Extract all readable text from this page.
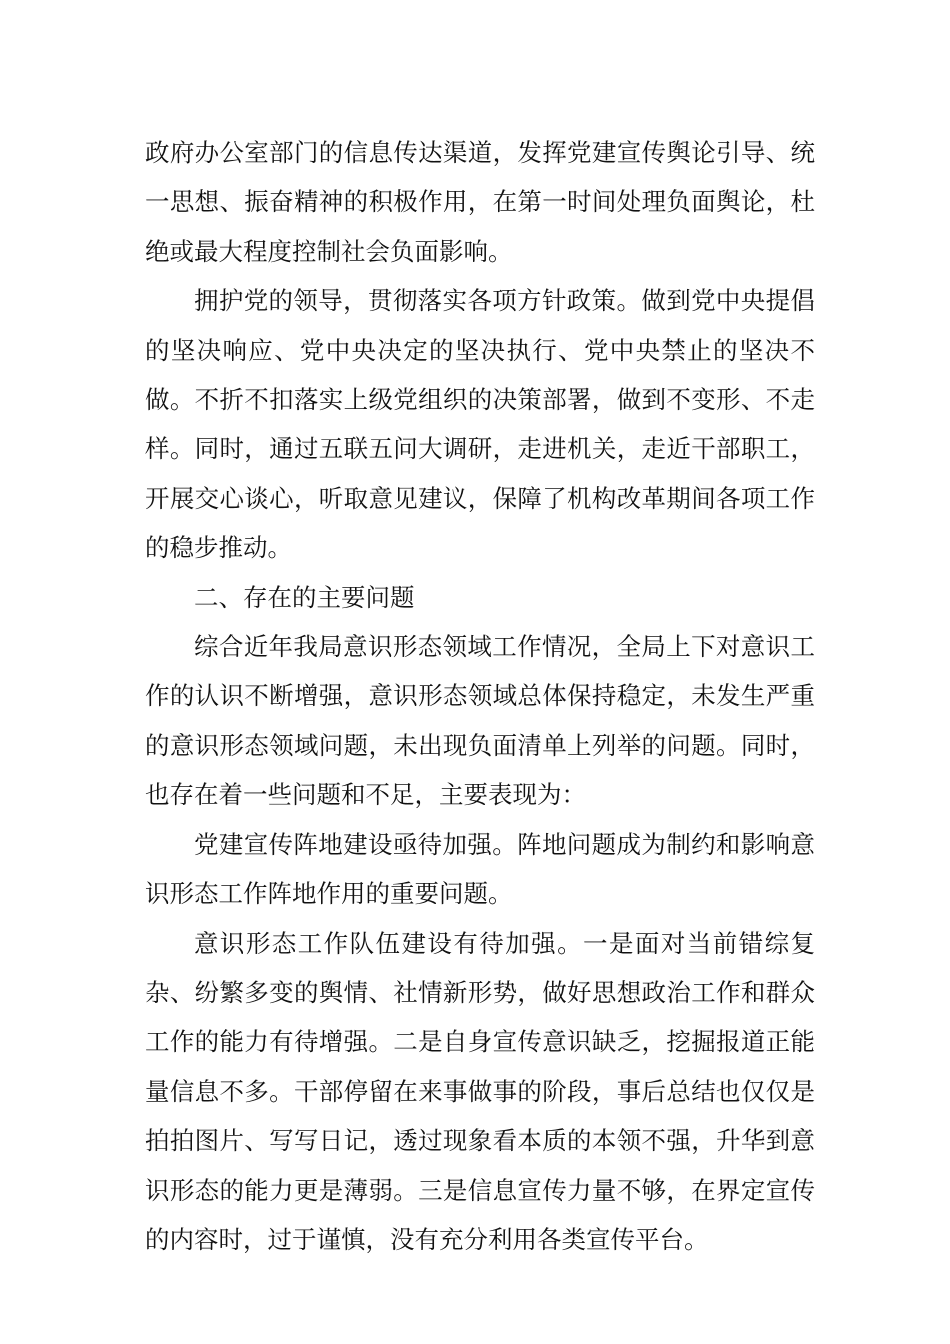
政府办公室部门的信息传达渠道，发挥党建宣传舆论引导、统一思想、振奋精神的积极作用，在第一时间处理负面舆论，杜绝或最大程度控制社会负面影响。

拥护党的领导，贯彻落实各项方针政策。做到党中央提倡的坚决响应、党中央决定的坚决执行、党中央禁止的坚决不做。不折不扣落实上级党组织的决策部署，做到不变形、不走样。同时，通过五联五问大调研，走进机关，走近干部职工，开展交心谈心，听取意见建议，保障了机构改革期间各项工作的稳步推动。

二、存在的主要问题

综合近年我局意识形态领域工作情况，全局上下对意识工作的认识不断增强，意识形态领域总体保持稳定，未发生严重的意识形态领域问题，未出现负面清单上列举的问题。同时，也存在着一些问题和不足，主要表现为：

党建宣传阵地建设亟待加强。阵地问题成为制约和影响意识形态工作阵地作用的重要问题。

意识形态工作队伍建设有待加强。一是面对当前错综复杂、纷繁多变的舆情、社情新形势，做好思想政治工作和群众工作的能力有待增强。二是自身宣传意识缺乏，挖掘报道正能量信息不多。干部停留在来事做事的阶段，事后总结也仅仅是拍拍图片、写写日记，透过现象看本质的本领不强，升华到意识形态的能力更是薄弱。三是信息宣传力量不够，在界定宣传的内容时，过于谨慎，没有充分利用各类宣传平台。
